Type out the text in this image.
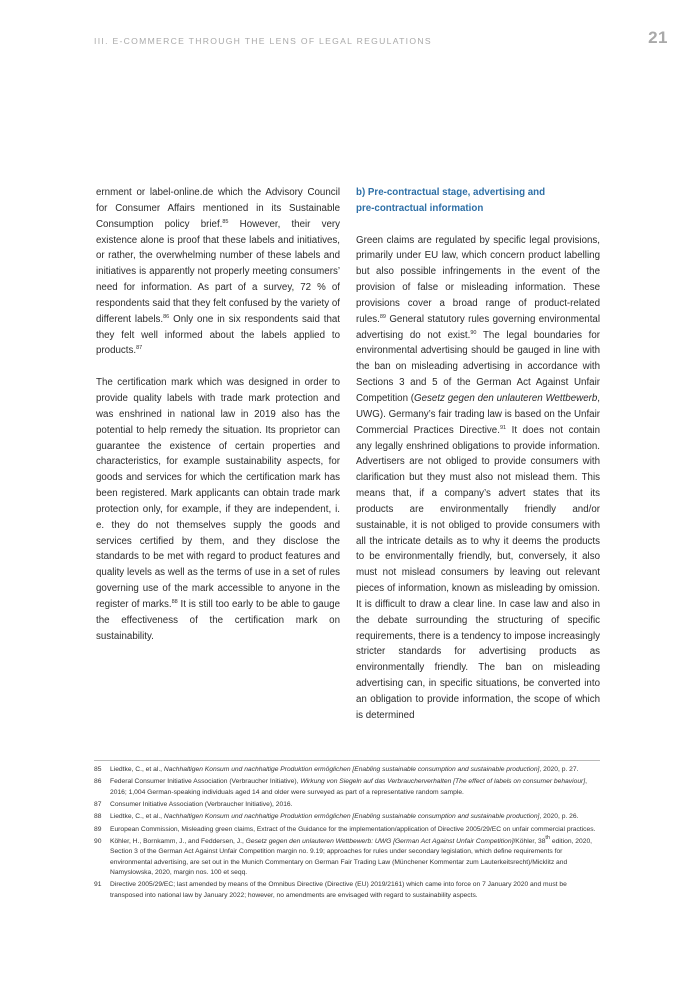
III. E-COMMERCE THROUGH THE LENS OF LEGAL REGULATIONS	21

ernment or label-online.de which the Advisory Council for Consumer Affairs mentioned in its Sustainable Consumption policy brief.$^{85}$ However, their very existence alone is proof that these labels and initiatives, or rather, the overwhelming number of these labels and initiatives is apparently not properly meeting consumers’ need for information. As part of a survey, 72 % of respondents said that they felt confused by the variety of different labels.$^{86}$ Only one in six respondents said that they felt well informed about the labels applied to products.$^{87}$

The certification mark which was designed in order to provide quality labels with trade mark protection and was enshrined in national law in 2019 also has the potential to help remedy the situation. Its proprietor can guarantee the existence of certain properties and characteristics, for example sustainability aspects, for goods and services for which the certification mark has been registered. Mark applicants can obtain trade mark protection only, for example, if they are independent, i. e. they do not themselves supply the goods and services certified by them, and they disclose the standards to be met with regard to product features and quality levels as well as the terms of use in a set of rules governing use of the mark accessible to anyone in the register of marks.$^{88}$ It is still too early to be able to gauge the effectiveness of the certification mark on sustainability.

b) Pre-contractual stage, advertising and
pre-contractual information

Green claims are regulated by specific legal provisions, primarily under EU law, which concern product labelling but also possible infringements in the event of the provision of false or misleading information. These provisions cover a broad range of product-related rules.$^{89}$ General statutory rules governing environmental advertising do not exist.$^{90}$ The legal boundaries for environmental advertising should be gauged in line with the ban on misleading advertising in accordance with Sections 3 and 5 of the German Act Against Unfair Competition (Gesetz gegen den unlauteren Wettbewerb, UWG). Germany’s fair trading law is based on the Unfair Commercial Practices Directive.$^{91}$ It does not contain any legally enshrined obligations to provide information. Advertisers are not obliged to provide consumers with clarification but they must also not mislead them. This means that, if a company’s advert states that its products are environmentally friendly and/or sustainable, it is not obliged to provide consumers with all the intricate details as to why it deems the products to be environmentally friendly, but, conversely, it also must not mislead consumers by leaving out relevant pieces of information, known as misleading by omission. It is difficult to draw a clear line. In case law and also in the debate surrounding the structuring of specific requirements, there is a tendency to impose increasingly stricter standards for advertising products as environmentally friendly. The ban on misleading advertising can, in specific situations, be converted into an obligation to provide information, the scope of which is determined

85	Liedtke, C., et al., Nachhaltigen Konsum und nachhaltige Produktion ermöglichen [Enabling sustainable consumption and sustainable production], 2020, p. 27.
86	Federal Consumer Initiative Association (Verbraucher Initiative), Wirkung von Siegeln auf das Verbraucherverhalten [The effect of labels on consumer behaviour], 2016; 1,004 German-speaking individuals aged 14 and older were surveyed as part of a representative random sample.
87	Consumer Initiative Association (Verbraucher Initiative), 2016.
88	Liedtke, C., et al., Nachhaltigen Konsum und nachhaltige Produktion ermöglichen [Enabling sustainable consumption and sustainable production], 2020, p. 26.
89	European Commission, Misleading green claims, Extract of the Guidance for the implementation/application of Directive 2005/29/EC on unfair commercial practices.
90	Köhler, H., Bornkamm, J., and Feddersen, J., Gesetz gegen den unlauteren Wettbewerb: UWG [German Act Against Unfair Competition]/Köhler, 38th edition, 2020, Section 3 of the German Act Against Unfair Competition margin no. 9.19; approaches for rules under secondary legislation, which define requirements for environmental advertising, are set out in the Munich Commentary on German Fair Trading Law (Münchener Kommentar zum Lauterkeitsrecht)/Micklitz and Namyslowska, 2020, margin nos. 100 et seqq.
91	Directive 2005/29/EC; last amended by means of the Omnibus Directive (Directive (EU) 2019/2161) which came into force on 7 January 2020 and must be transposed into national law by January 2022; however, no amendments are envisaged with regard to sustainability aspects.
